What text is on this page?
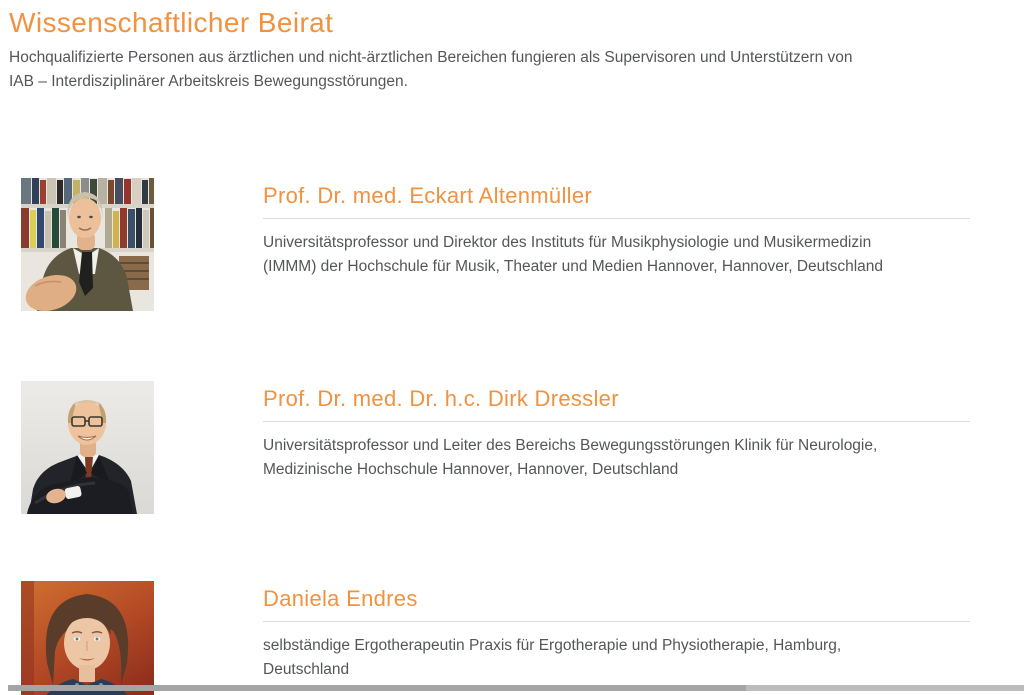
Wissenschaftlicher Beirat

Hochqualifizierte Personen aus ärztlichen und nicht-ärztlichen Bereichen fungieren als Supervisoren und Unterstützern von
IAB – Interdisziplinärer Arbeitskreis Bewegungsstörungen.

Prof. Dr. med. Eckart Altenmüller

Universitätsprofessor und Direktor des Instituts für Musikphysiologie und Musikermedizin
(IMMM) der Hochschule für Musik, Theater und Medien Hannover, Hannover, Deutschland

Prof. Dr. med. Dr. h.c. Dirk Dressler

Universitätsprofessor und Leiter des Bereichs Bewegungsstörungen Klinik für Neurologie,
Medizinische Hochschule Hannover, Hannover, Deutschland

Daniela Endres

selbständige Ergotherapeutin Praxis für Ergotherapie und Physiotherapie, Hamburg,
Deutschland
